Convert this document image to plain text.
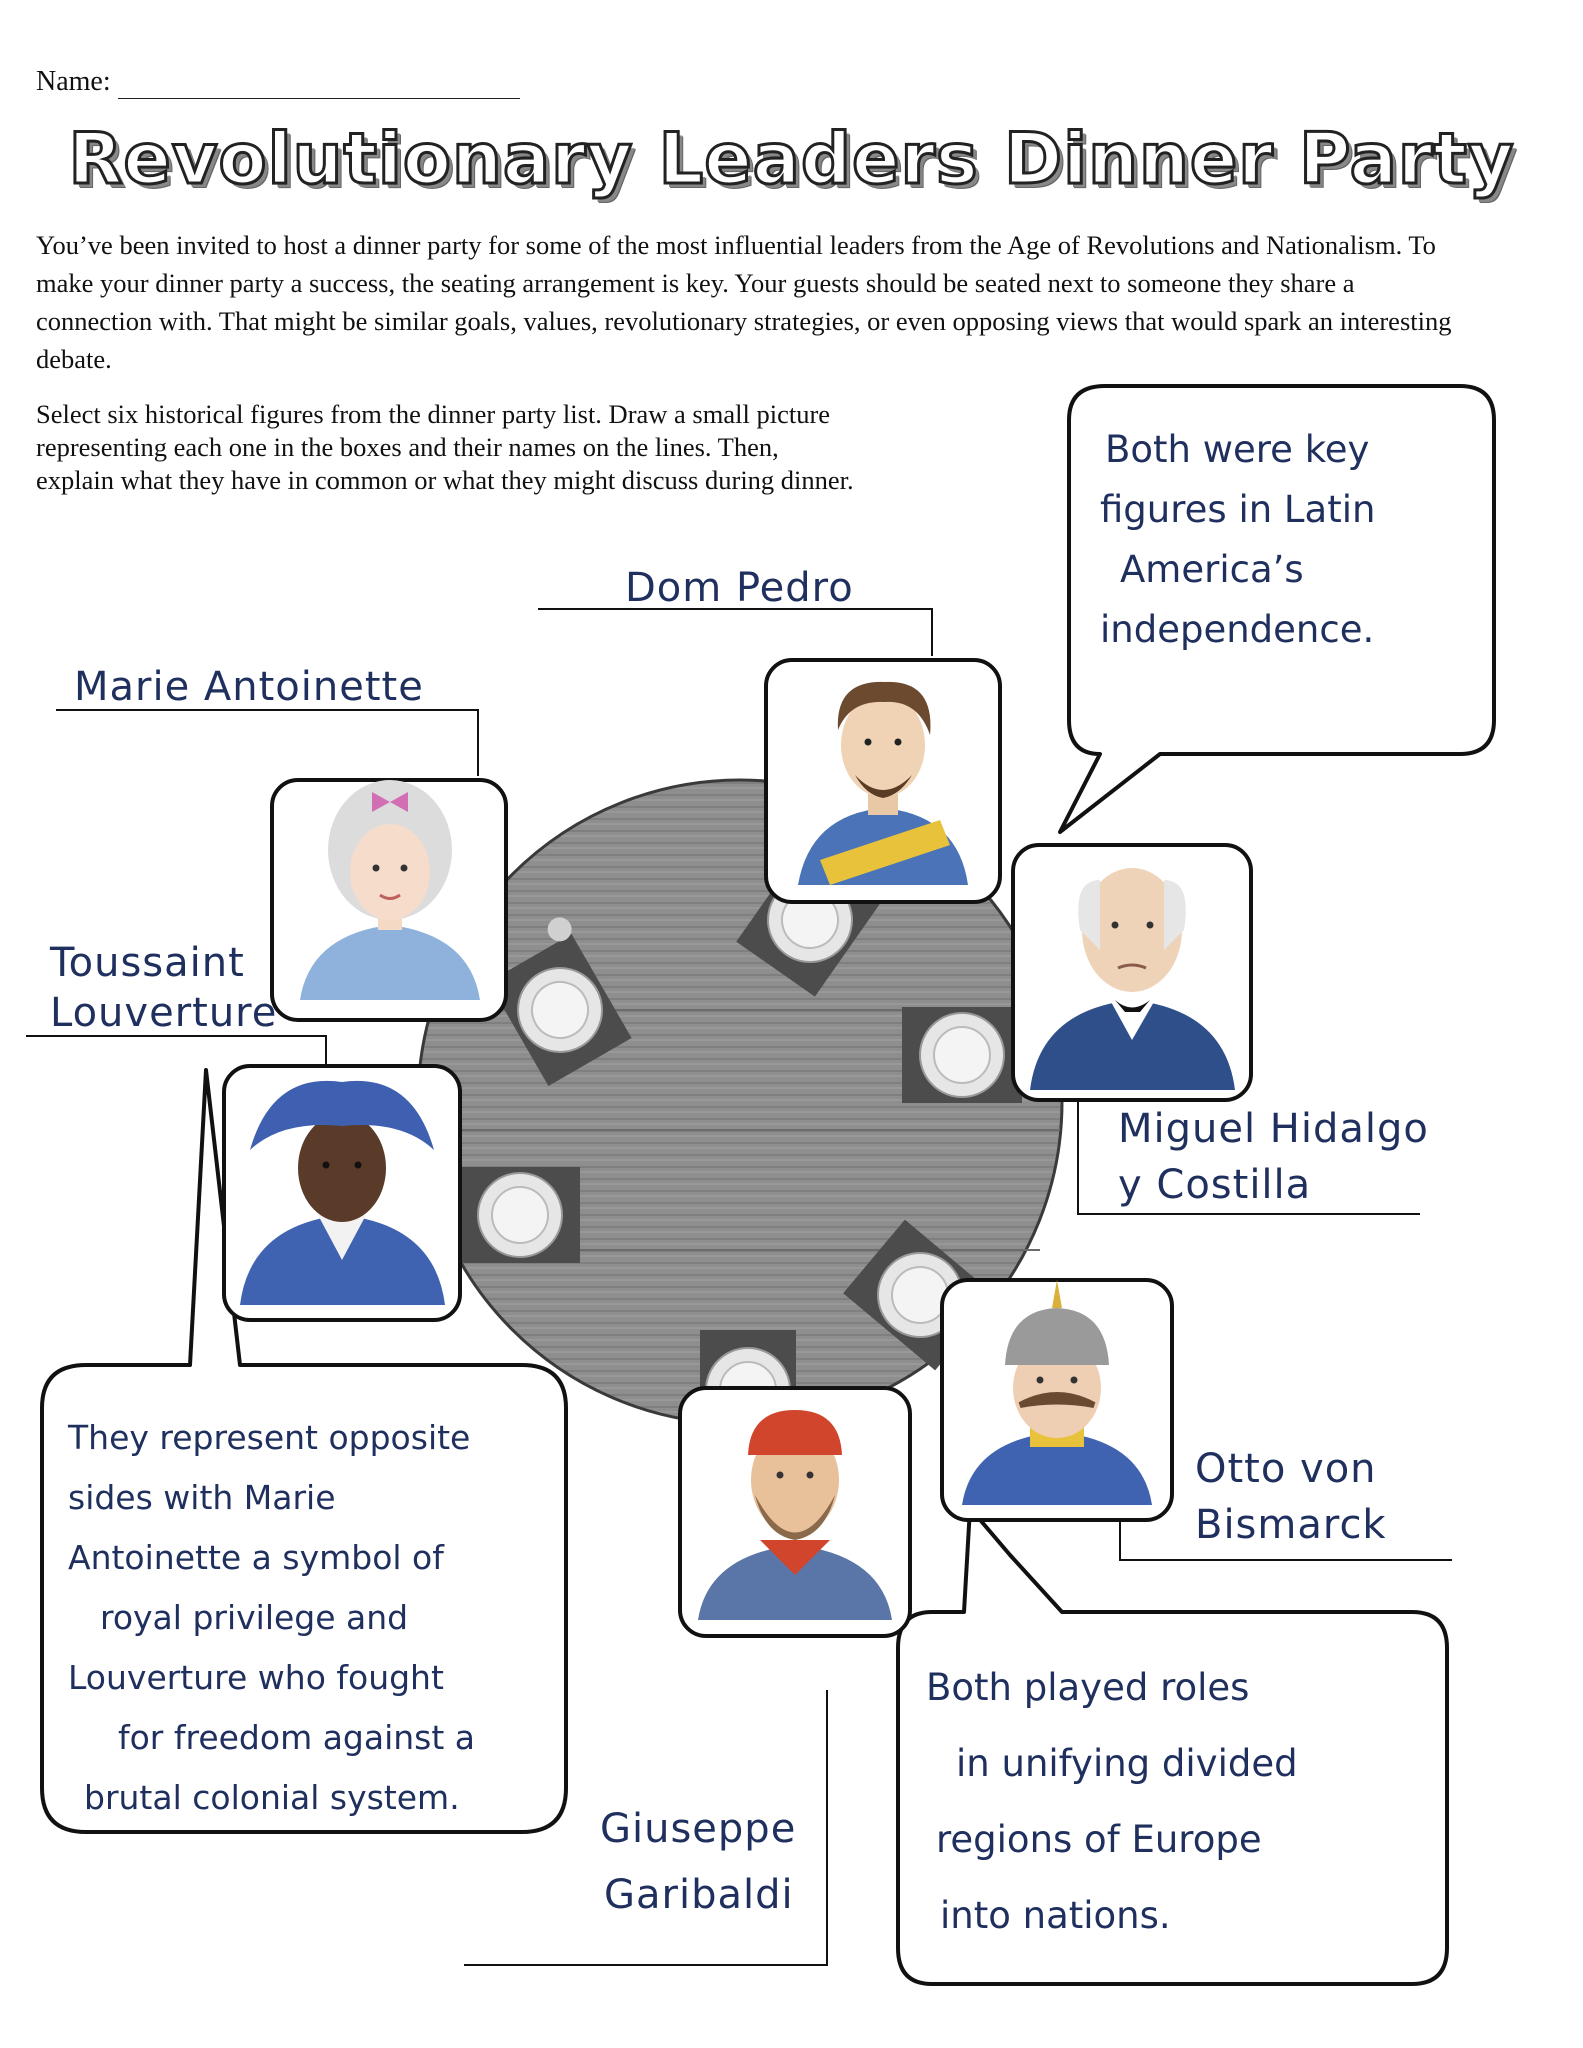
Name:
Revolutionary Leaders Dinner Party
You’ve been invited to host a dinner party for some of the most influential leaders from the Age of Revolutions and Nationalism. To make your dinner party a success, the seating arrangement is key. Your guests should be seated next to someone they share a connection with. That might be similar goals, values, revolutionary strategies, or even opposing views that would spark an interesting debate.
Select six historical figures from the dinner party list. Draw a small picture representing each one in the boxes and their names on the lines. Then, explain what they have in common or what they might discuss during dinner.
Marie Antoinette
Dom Pedro
Toussaint
Louverture
Miguel Hidalgo
y Costilla
Otto von
Bismarck
Giuseppe
Garibaldi
Both were key
figures in Latin
America’s
independence.
They represent opposite
sides with Marie
Antoinette a symbol of
royal privilege and
Louverture who fought
for freedom against a
brutal colonial system.
Both played roles
in unifying divided
regions of Europe
into nations.
